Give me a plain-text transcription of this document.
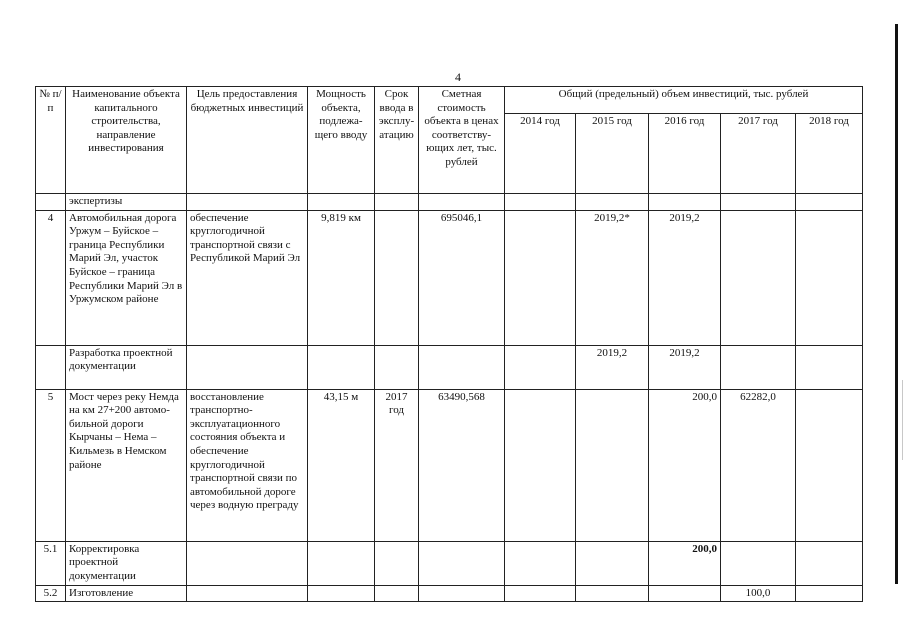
4
№ п/п	Наименование объекта капитального строительства, направление инвестирования	Цель предоставления бюджетных инвестиций	Мощность объекта, подлежа-щего вводу	Срок ввода в эксплу-атацию	Сметная стоимость объекта в ценах соответству-ющих лет, тыс. рублей	Общий (предельный) объем инвестиций, тыс. рублей				
						2014 год	2015 год	2016 год	2017 год	2018 год
	экспертизы									
4	Автомобильная дорога Уржум – Буйское – граница Республики Марий Эл, участок Буйское – граница Республики Марий Эл в Уржумском районе	обеспечение круглогодичной транспортной связи с Республикой Марий Эл	9,819 км		695046,1		2019,2*	2019,2		
	Разработка проектной документации						2019,2	2019,2		
5	Мост через реку Немда на км 27+200 автомо-бильной дороги Кырчаны – Нема – Кильмезь в Немском районе	восстановление транспортно-эксплуатационного состояния объекта и обеспечение круглогодичной транспортной связи по автомобильной дороге через водную преграду	43,15 м	2017 год	63490,568			200,0	62282,0	
5.1	Корректировка проектной документации							200,0		
5.2	Изготовление								100,0	
